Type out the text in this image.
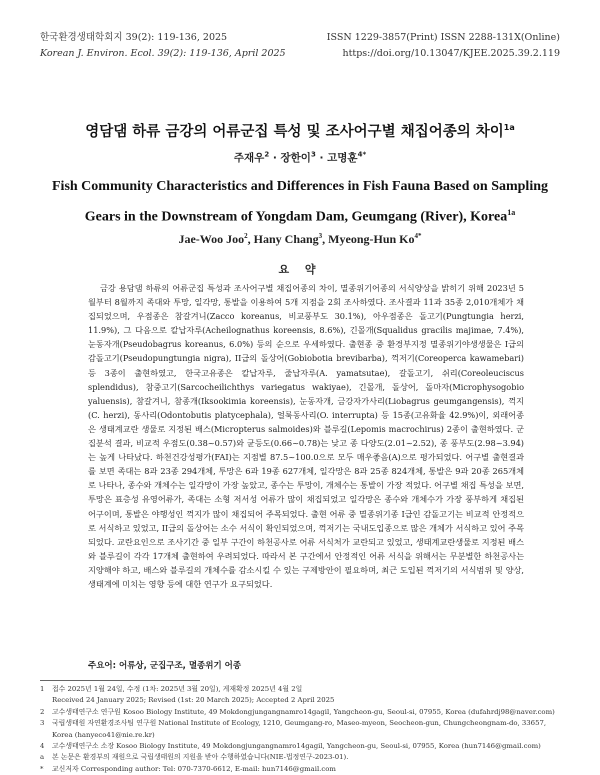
한국환경생태학회지 39(2): 119-136, 2025
Korean J. Environ. Ecol. 39(2): 119-136, April 2025
ISSN 1229-3857(Print) ISSN 2288-131X(Online)
https://doi.org/10.13047/KJEE.2025.39.2.119
영담댐 하류 금강의 어류군집 특성 및 조사어구별 채집어종의 차이$^{1a}$
주재우$^2$ · 장한이$^3$ · 고명훈$^{4*}$
Fish Community Characteristics and Differences in Fish Fauna Based on Sampling Gears in the Downstream of Yongdam Dam, Geumgang (River), Korea$^{1a}$
Jae-Woo Joo$^2$, Hany Chang$^3$, Myeong-Hun $Ko^{4*}$
요 약

금강 용담댐 하류의 어류군집 특성과 조사어구별 채집어종의 차이, 멸종위기어종의 서식양상을 밝히기 위해 2023년 5월부터 8월까지 족대와 투망, 일각망, 통발을 이용하여 5개 지점을 2회 조사하였다. 조사결과 11과 35종 2,010개체가 채집되었으며, 우점종은 참갈겨니(Zacco koreanus, 비교풍부도 30.1%), 아우점종은 돌고기(Pungtungia herzi, 11.9%), 그 다음으로 칼납자루(Acheilognathus koreensis, 8.6%), 긴몰개(Squalidus gracilis majimae, 7.4%), 눈동자개(Pseudobagrus koreanus, 6.0%) 등의 순으로 우세하였다. 출현종 중 환경부지정 멸종위기야생생물은 I급의 감돌고기(Pseudopungtungia nigra), II급의 돌상어(Gobiobotia brevibarba), 꺽저기(Coreoperca kawamebari) 등 3종이 출현하였고, 한국고유종은 칼납자루, 줄납자루(A. yamatsutae), 갈돌고기, 쉬리(Coreoleuciscus splendidus), 참중고기(Sarcocheilichthys variegatus wakiyae), 긴몰개, 돌상어, 돌마자(Microphysogobio yaluensis), 참갈겨니, 참종개(Iksookimia koreensis), 눈동자개, 금강자가사리(Liobagrus geumgangensis), 꺽지(C. herzi), 동사리(Odontobutis platycephala), 얼룩동사리(O. interrupta) 등 15종(고유화율 42.9%)이, 외래어종은 생태계교란 생물로 지정된 배스(Micropterus salmoides)와 블루길(Lepomis macrochirus) 2종이 출현하였다. 군집분석 결과, 비교적 우점도(0.38~0.57)와 균등도(0.66~0.78)는 낮고 종 다양도(2.01~2.52), 종 풍부도(2.98~3.94)는 높게 나타났다. 하천건강성평가(FAI)는 지점별 87.5~100.0으로 모두 매우좋음(A)으로 평가되었다. 어구별 출현결과를 보면 족대는 8과 23종 294개체, 투망은 6과 19종 627개체, 일각망은 8과 25종 824개체, 통발은 9과 20종 265개체로 나타나, 종수와 개체수는 일각망이 가장 높았고, 종수는 투망이, 개체수는 통발이 가장 적었다. 어구별 채집 특성을 보면, 투망은 표층성 유영어류가, 족대는 소형 저서성 어류가 많이 채집되었고 일각망은 종수와 개체수가 가장 풍부하게 채집된 어구이며, 통발은 야행성인 꺽지가 많이 채집되어 주목되었다. 출현 어류 중 멸종위기종 I급인 감돌고기는 비교적 안정적으로 서식하고 있었고, II급의 돌상어는 소수 서식이 확인되었으며, 꺽저기는 국내도입종으로 많은 개체가 서식하고 있어 주목되었다. 교란요인으로 조사기간 중 일부 구간이 하천공사로 어류 서식처가 교란되고 있었고, 생태계교란생물로 지정된 배스와 블루길이 각각 17개체 출현하여 우려되었다. 따라서 본 구간에서 안정적인 어류 서식을 위해서는 무분별한 하천공사는 지양해야 하고, 배스와 블루길의 개체수를 감소시킬 수 있는 구제방안이 필요하며, 최근 도입된 꺽저기의 서식범위 및 양상, 생태계에 미치는 영향 등에 대한 연구가 요구되었다.

주요어: 어류상, 군집구조, 멸종위기 어종
1	접수 2025년 1월 24일, 수정 (1차: 2025년 3월 20일), 게재확정 2025년 4월 2일
Received 24 January 2025; Revised (1st: 20 March 2025); Accepted 2 April 2025
2	고수생태연구소 연구원 Kosoo Biology Institute, 49 Mokdongjungangnamro14gagil, Yangcheon-gu, Seoul-si, 07955, Korea (dufahrdj98@naver.com)
3	국립생태원 자연환경조사팀 연구원 National Institute of Ecology, 1210, Geumgang-ro, Maseo-myeon, Seocheon-gun, Chungcheongnam-do, 33657, Korea (hanyeco41@nie.re.kr)
4	고수생태연구소 소장 Kosoo Biology Institute, 49 Mokdongjungangnamro14gagil, Yangcheon-gu, Seoul-si, 07955, Korea (hun7146@gmail.com)
a	본 논문은 환경부의 재원으로 국립생태원의 지원을 받아 수행하였습니다(NIE-법정연구-2023-01).
*	교신저자 Corresponding author: Tel: 070-7370-6612, E-mail: hun7146@gmail.com
